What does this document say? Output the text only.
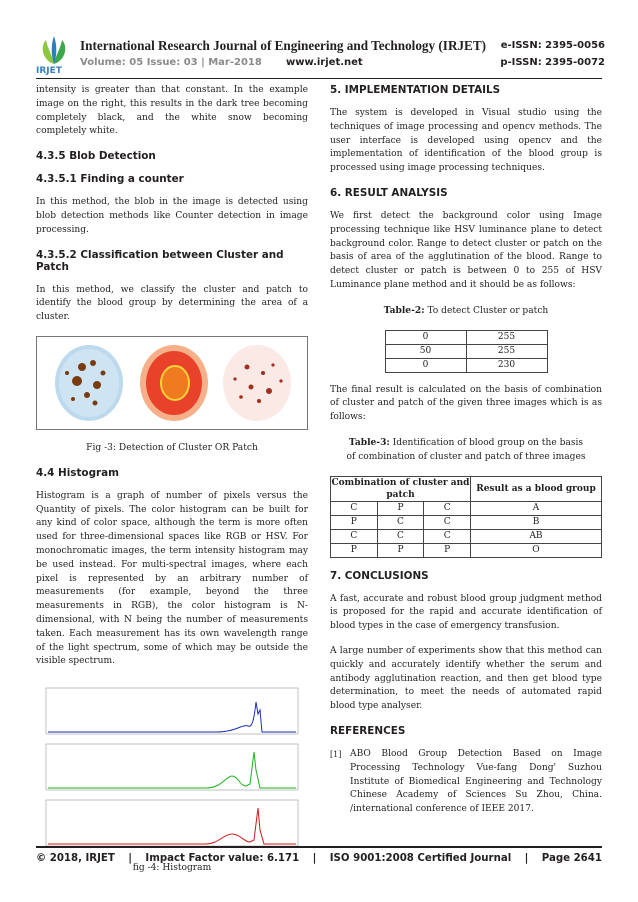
IRJET
International Research Journal of Engineering and Technology (IRJET)
Volume: 05 Issue: 03 | Mar-2018 www.irjet.net
e-ISSN: 2395-0056
p-ISSN: 2395-0072

intensity is greater than that constant. In the example image on the right, this results in the dark tree becoming completely black, and the white snow becoming completely white.

4.3.5 Blob Detection
4.3.5.1 Finding a counter

In this method, the blob in the image is detected using blob detection methods like Counter detection in image processing.

4.3.5.2 Classification between Cluster and Patch

In this method, we classify the cluster and patch to identify the blood group by determining the area of a cluster.

Fig -3: Detection of Cluster OR Patch

4.4 Histogram

Histogram is a graph of number of pixels versus the Quantity of pixels. The color histogram can be built for any kind of color space, although the term is more often used for three-dimensional spaces like RGB or HSV. For monochromatic images, the term intensity histogram may be used instead. For multi-spectral images, where each pixel is represented by an arbitrary number of measurements (for example, beyond the three measurements in RGB), the color histogram is N-dimensional, with N being the number of measurements taken. Each measurement has its own wavelength range of the light spectrum, some of which may be outside the visible spectrum.

fig -4: Histogram

5. IMPLEMENTATION DETAILS

The system is developed in Visual studio using the techniques of image processing and opencv methods. The user interface is developed using opencv and the implementation of identification of the blood group is processed using image processing techniques.

6. RESULT ANALYSIS

We first detect the background color using Image processing technique like HSV luminance plane to detect background color. Range to detect cluster or patch on the basis of area of the agglutination of the blood. Range to detect cluster or patch is between 0 to 255 of HSV Luminance plane method and it should be as follows:

Table-2: To detect Cluster or patch

0	255
50	255
0	230

The final result is calculated on the basis of combination of cluster and patch of the given three images which is as follows:

Table-3: Identification of blood group on the basis of combination of cluster and patch of three images

Combination of cluster and patch			Result as a blood group
C	P	C	A
P	C	C	B
C	C	C	AB
P	P	P	O
7. CONCLUSIONS

A fast, accurate and robust blood group judgment method is proposed for the rapid and accurate identification of blood types in the case of emergency transfusion.

A large number of experiments show that this method can quickly and accurately identify whether the serum and antibody agglutination reaction, and then get blood type determination, to meet the needs of automated rapid blood type analyser.

REFERENCES
[1] ABO Blood Group Detection Based on Image Processing Technology Vue-fang Dong' Suzhou Institute of Biomedical Engineering and Technology Chinese Academy of Sciences Su Zhou, China. /international conference of IEEE 2017.
© 2018, IRJET | Impact Factor value: 6.171 | ISO 9001:2008 Certified Journal | Page 2641
